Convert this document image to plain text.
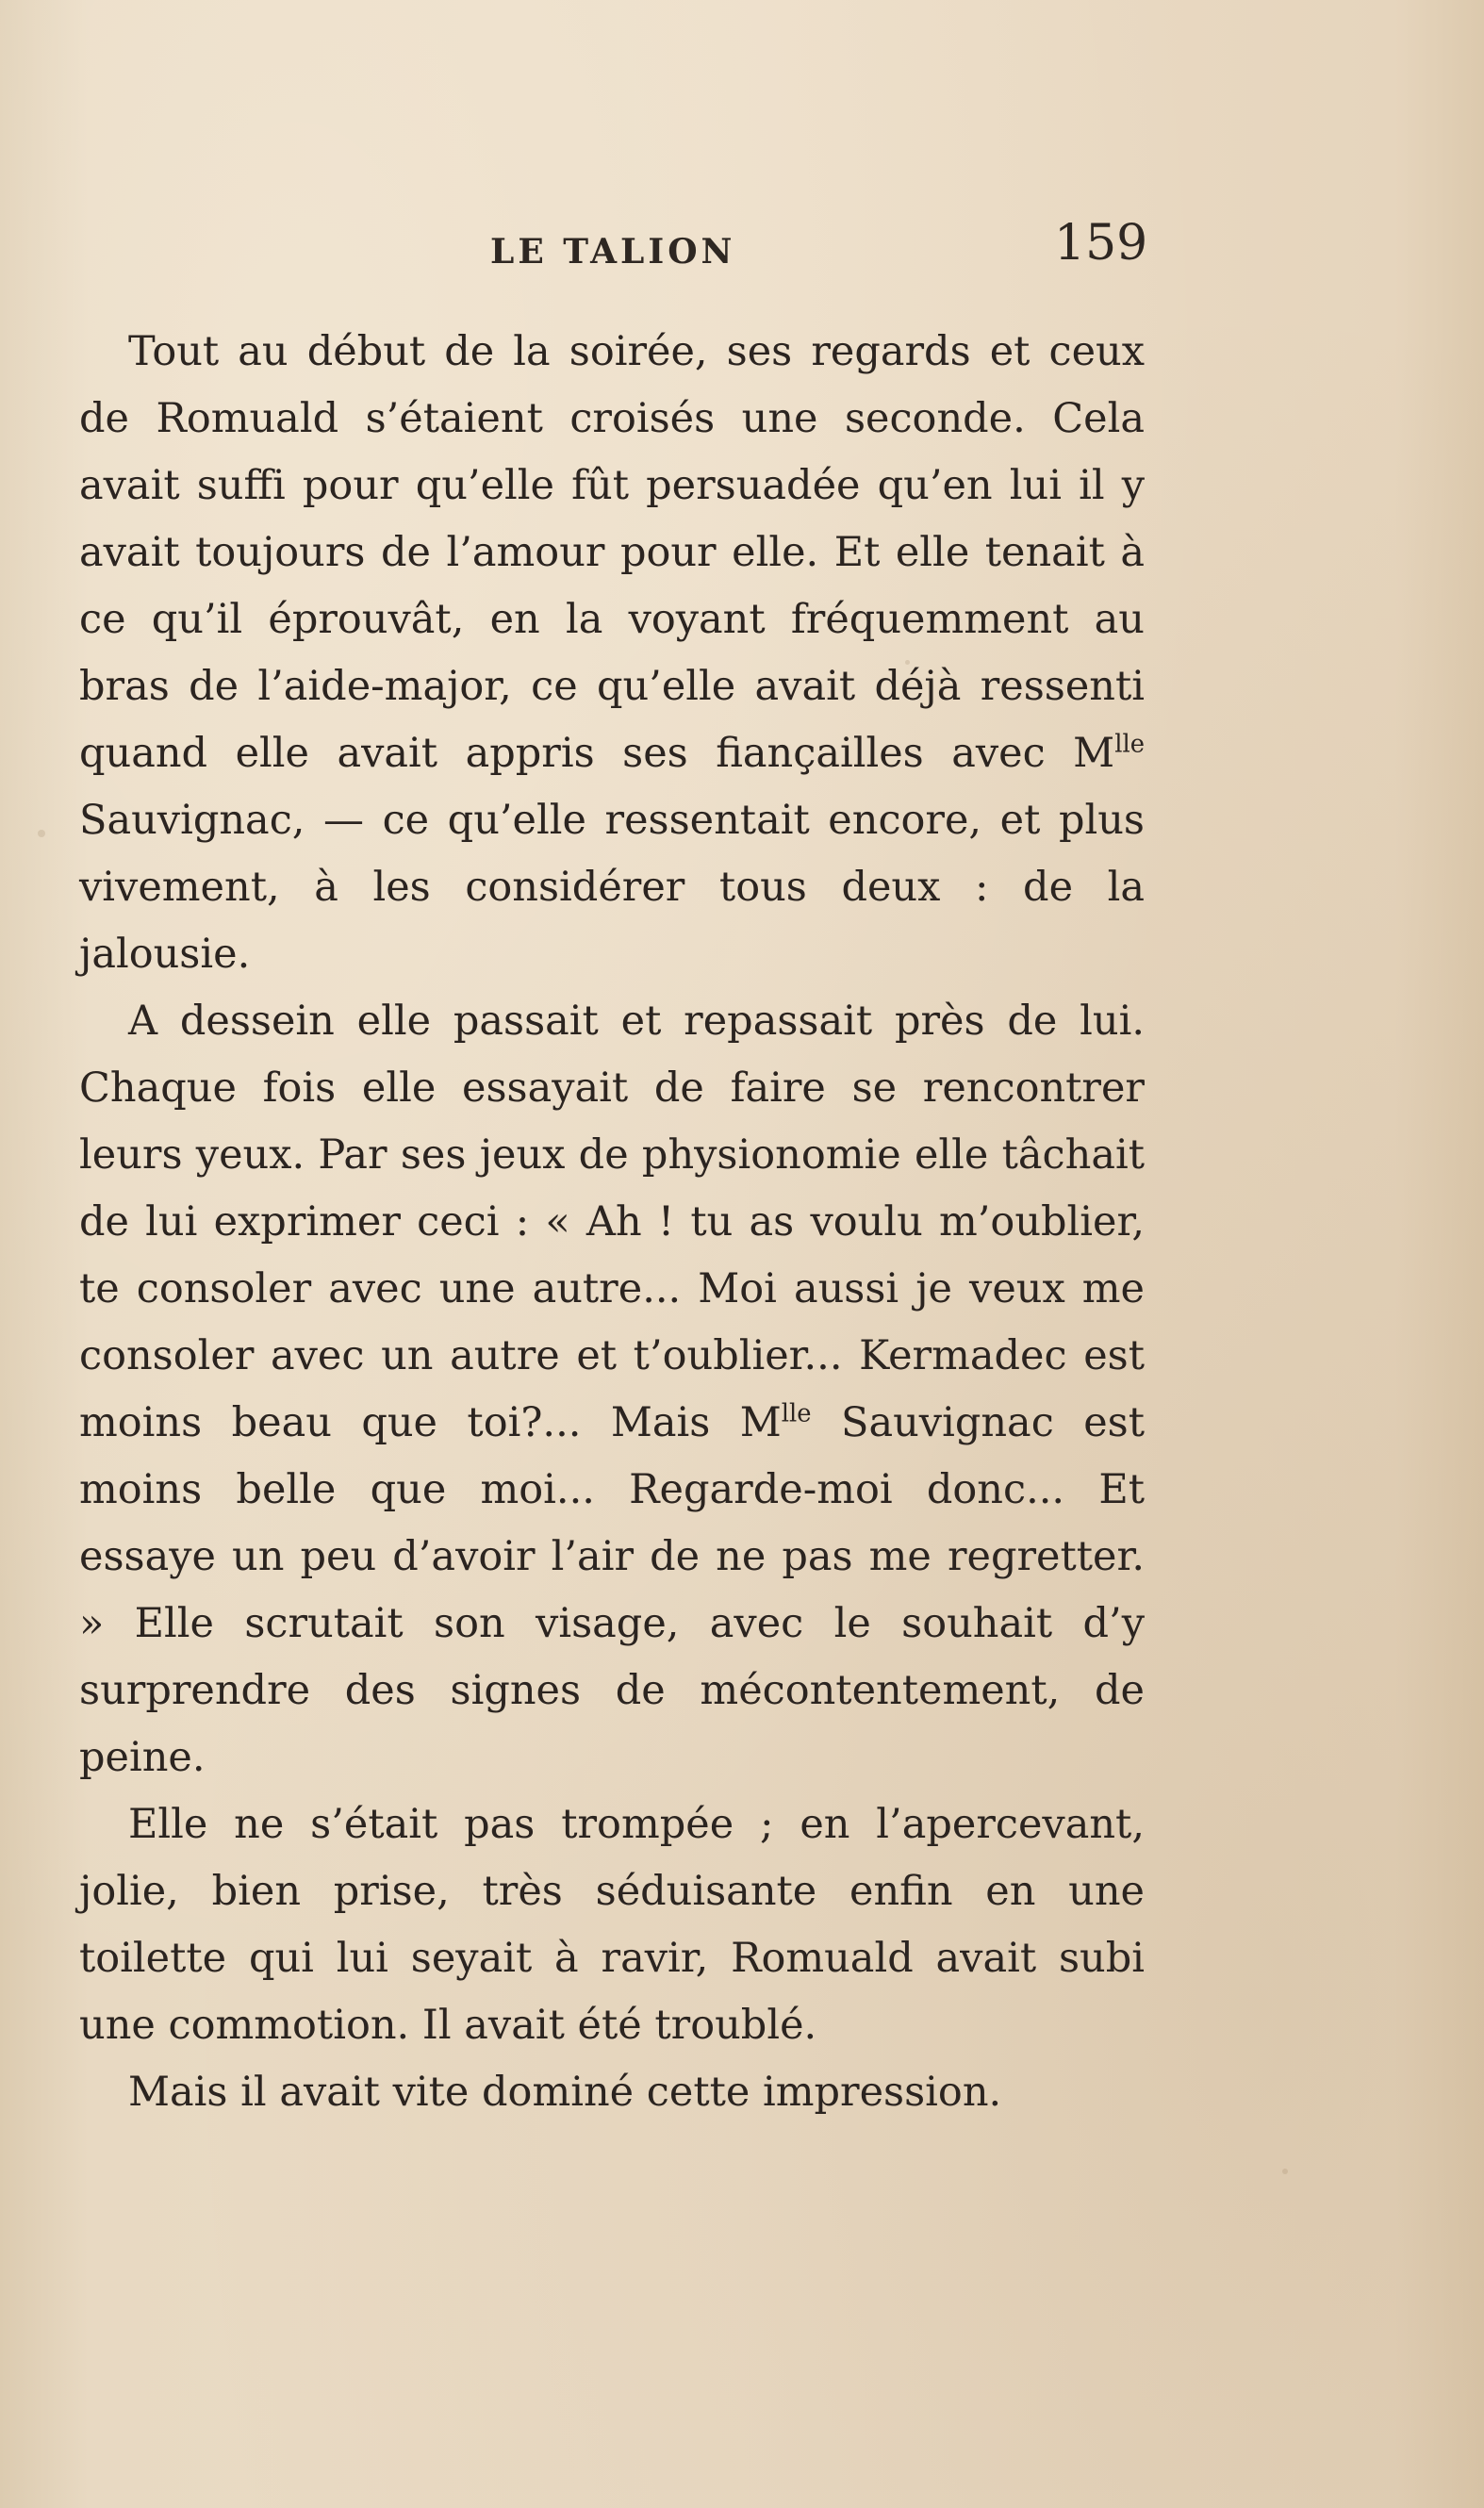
LE TALION	159

Tout au début de la soirée, ses regards et ceux de Romuald s’étaient croisés une seconde. Cela avait suffi pour qu’elle fût persuadée qu’en lui il y avait toujours de l’amour pour elle. Et elle tenait à ce qu’il éprouvât, en la voyant fréquemment au bras de l’aide-major, ce qu’elle avait déjà ressenti quand elle avait appris ses fiançailles avec $M^{lle}$ Sauvignac, — ce qu’elle ressentait encore, et plus vivement, à les considérer tous deux : de la jalousie.

A dessein elle passait et repassait près de lui. Chaque fois elle essayait de faire se rencontrer leurs yeux. Par ses jeux de physionomie elle tâchait de lui exprimer ceci : « Ah ! tu as voulu m’oublier, te consoler avec une autre... Moi aussi je veux me consoler avec un autre et t’oublier... Kermadec est moins beau que toi?... Mais $M^{lle}$ Sauvignac est moins belle que moi... Regarde-moi donc... Et essaye un peu d’avoir l’air de ne pas me regretter. » Elle scrutait son visage, avec le souhait d’y surprendre des signes de mécontentement, de peine.

Elle ne s’était pas trompée ; en l’apercevant, jolie, bien prise, très séduisante enfin en une toilette qui lui seyait à ravir, Romuald avait subi une commotion. Il avait été troublé.

Mais il avait vite dominé cette impression.
